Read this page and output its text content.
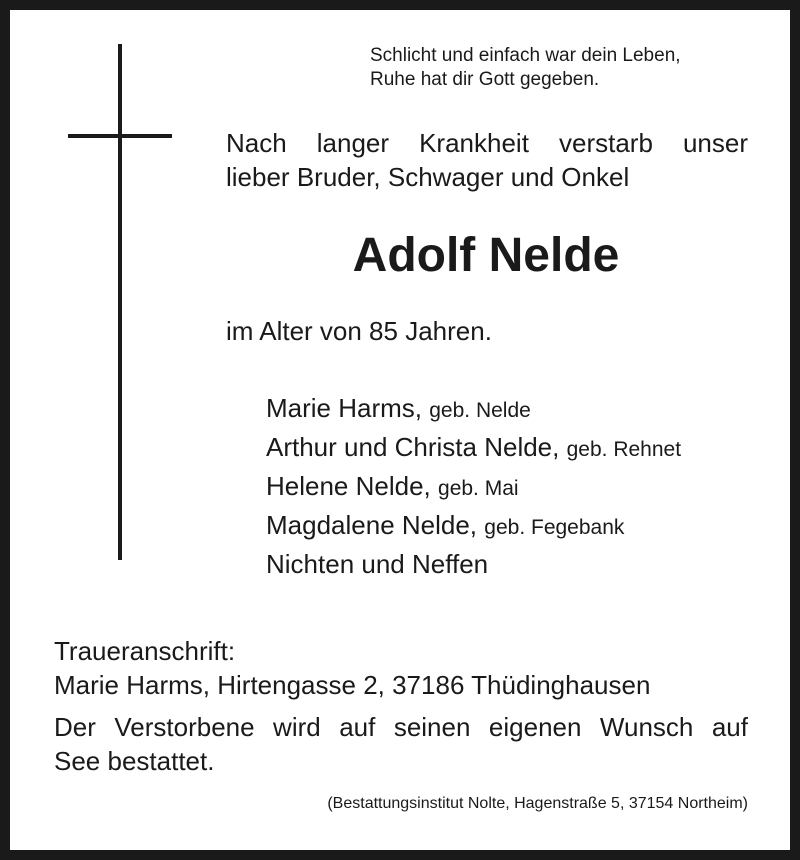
Schlicht und einfach war dein Leben,
Ruhe hat dir Gott gegeben.
Nach langer Krankheit verstarb unser
lieber Bruder, Schwager und Onkel
Adolf Nelde
im Alter von 85 Jahren.
Marie Harms, geb. Nelde
Arthur und Christa Nelde, geb. Rehnet
Helene Nelde, geb. Mai
Magdalene Nelde, geb. Fegebank
Nichten und Neffen
Traueranschrift:
Marie Harms, Hirtengasse 2, 37186 Thüdinghausen
Der Verstorbene wird auf seinen eigenen Wunsch auf
See bestattet.
(Bestattungsinstitut Nolte, Hagenstraße 5, 37154 Northeim)
